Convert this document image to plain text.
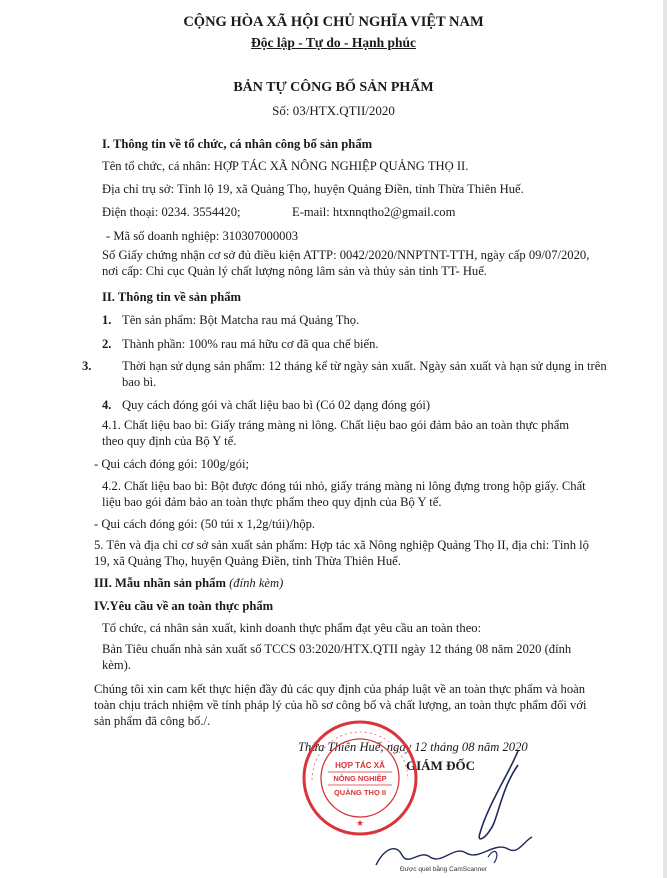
CỘNG HÒA XÃ HỘI CHỦ NGHĨA VIỆT NAM
Độc lập - Tự do - Hạnh phúc
BẢN TỰ CÔNG BỐ SẢN PHẨM
Số: 03/HTX.QTII/2020
I. Thông tin về tổ chức, cá nhân công bố sản phẩm
Tên tổ chức, cá nhân: HỢP TÁC XÃ NÔNG NGHIỆP QUẢNG THỌ II.
Địa chỉ trụ sở: Tỉnh lộ 19, xã Quảng Thọ, huyện Quảng Điền, tỉnh Thừa Thiên Huế.
Điện thoại: 0234. 3554420;	E-mail: htxnnqtho2@gmail.com
- Mã số doanh nghiệp: 310307000003
Số Giấy chứng nhận cơ sở đủ điều kiện ATTP: 0042/2020/NNPTNT-TTH, ngày cấp 09/07/2020, nơi cấp: Chi cục Quản lý chất lượng nông lâm sản và thủy sản tỉnh TT- Huế.
II. Thông tin về sản phẩm
1. Tên sản phẩm: Bột Matcha rau má Quảng Thọ.
2. Thành phần: 100% rau má hữu cơ đã qua chế biến.
3. Thời hạn sử dụng sản phẩm: 12 tháng kể từ ngày sản xuất. Ngày sản xuất và hạn sử dụng in trên bao bì.
4. Quy cách đóng gói và chất liệu bao bì (Có 02 dạng đóng gói)
4.1. Chất liệu bao bì: Giấy tráng màng ni lông. Chất liệu bao gói đảm bảo an toàn thực phẩm theo quy định của Bộ Y tế.
- Qui cách đóng gói: 100g/gói;
4.2. Chất liệu bao bì: Bột được đóng túi nhỏ, giấy tráng màng ni lông đựng trong hộp giấy. Chất liệu bao gói đảm bảo an toàn thực phẩm theo quy định của Bộ Y tế.
- Qui cách đóng gói: (50 túi x 1,2g/túi)/hộp.
5. Tên và địa chỉ cơ sở sản xuất sản phẩm: Hợp tác xã Nông nghiệp Quảng Thọ II, địa chỉ: Tỉnh lộ 19, xã Quảng Thọ, huyện Quảng Điền, tỉnh Thừa Thiên Huế.
III. Mẫu nhãn sản phẩm (đính kèm)
IV.Yêu cầu về an toàn thực phẩm
Tổ chức, cá nhân sản xuất, kinh doanh thực phẩm đạt yêu cầu an toàn theo:
Bản Tiêu chuẩn nhà sản xuất số TCCS 03:2020/HTX.QTII ngày 12 tháng 08 năm 2020 (đính kèm).
Chúng tôi xin cam kết thực hiện đầy đủ các quy định của pháp luật về an toàn thực phẩm và hoàn toàn chịu trách nhiệm về tính pháp lý của hồ sơ công bố và chất lượng, an toàn thực phẩm đối với sản phẩm đã công bố./.
Thừa Thiên Huế, ngày 12 tháng 08 năm 2020
GIÁM ĐỐC
HỢP TÁC XÃ
NÔNG NGHIỆP
QUẢNG THỌ II
★
Được quét bằng CamScanner
